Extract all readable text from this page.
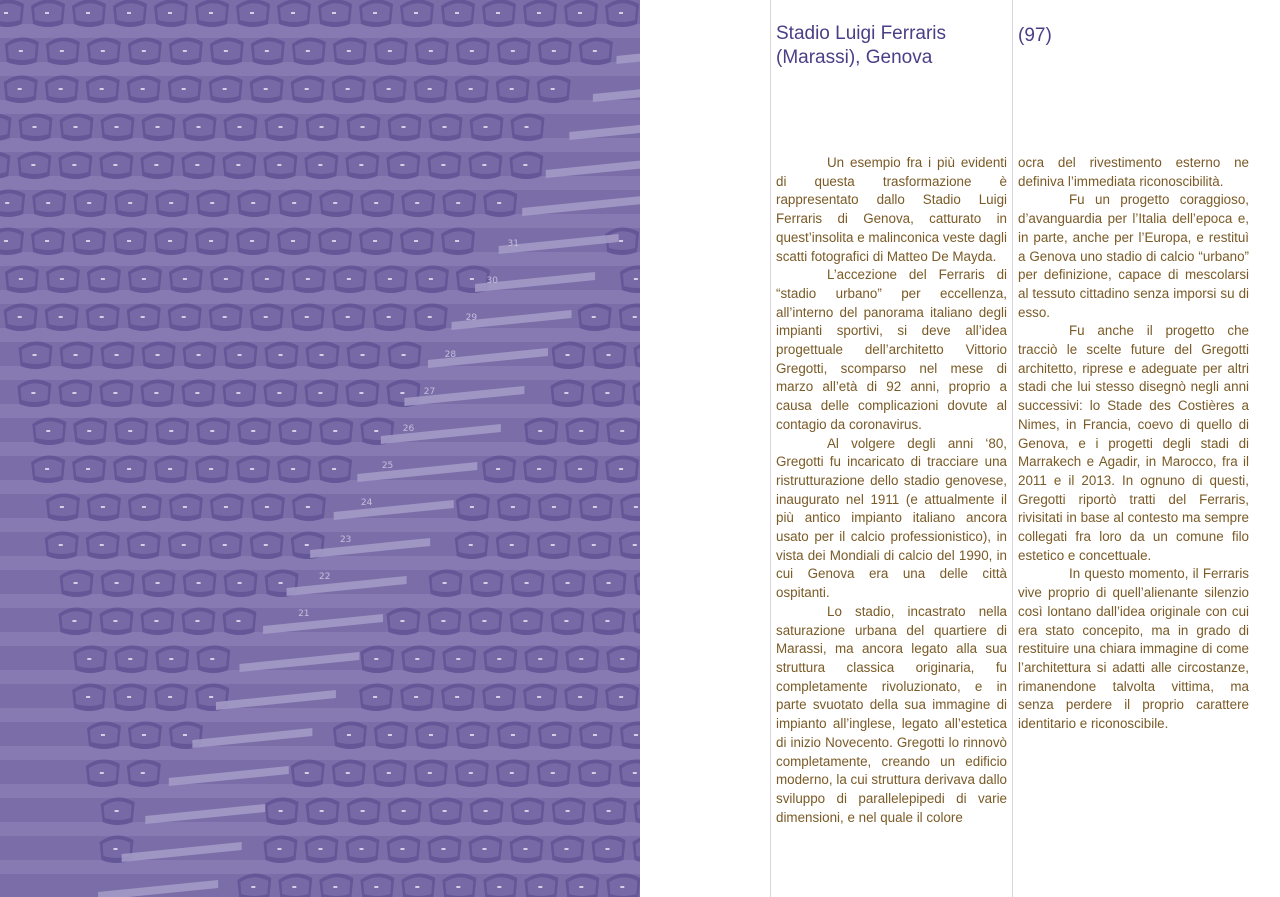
31
30
29
28
27
26
25
24
23
22
21
Stadio Luigi Ferraris (Marassi), Genova
(97)

Un esempio fra i più evidenti di questa trasformazione è rappresentato dallo Stadio Luigi Ferraris di Genova, catturato in quest’insolita e malinconica veste dagli scatti fotografici di Matteo De Mayda.

L’accezione del Ferraris di “stadio urbano” per eccellenza, all’interno del panorama italiano degli impianti sportivi, si deve all’idea progettuale dell’architetto Vittorio Gregotti, scomparso nel mese di marzo all’età di 92 anni, proprio a causa delle complicazioni dovute al contagio da coronavirus.

Al volgere degli anni ‘80, Gregotti fu incaricato di tracciare una ristrutturazione dello stadio genovese, inaugurato nel 1911 (e attualmente il più antico impianto italiano ancora usato per il calcio professionistico), in vista dei Mondiali di calcio del 1990, in cui Genova era una delle città ospitanti.

Lo stadio, incastrato nella saturazione urbana del quartiere di Marassi, ma ancora legato alla sua struttura classica originaria, fu completamente rivoluzionato, e in parte svuotato della sua immagine di impianto all’inglese, legato all’estetica di inizio Novecento. Gregotti lo rinnovò completamente, creando un edificio moderno, la cui struttura derivava dallo sviluppo di parallelepipedi di varie dimensioni, e nel quale il colore

ocra del rivestimento esterno ne definiva l’immediata riconoscibilità.

Fu un progetto coraggioso, d’avanguardia per l’Italia dell’epoca e, in parte, anche per l’Europa, e restituì a Genova uno stadio di calcio “urbano” per definizione, capace di mescolarsi al tessuto cittadino senza imporsi su di esso.

Fu anche il progetto che tracciò le scelte future del Gregotti architetto, riprese e adeguate per altri stadi che lui stesso disegnò negli anni successivi: lo Stade des Costières a Nimes, in Francia, coevo di quello di Genova, e i progetti degli stadi di Marrakech e Agadir, in Marocco, fra il 2011 e il 2013. In ognuno di questi, Gregotti riportò tratti del Ferraris, rivisitati in base al contesto ma sempre collegati fra loro da un comune filo estetico e concettuale.

In questo momento, il Ferraris vive proprio di quell’alienante silenzio così lontano dall’idea originale con cui era stato concepito, ma in grado di restituire una chiara immagine di come l’architettura si adatti alle circostanze, rimanendone talvolta vittima, ma senza perdere il proprio carattere identitario e riconoscibile.
